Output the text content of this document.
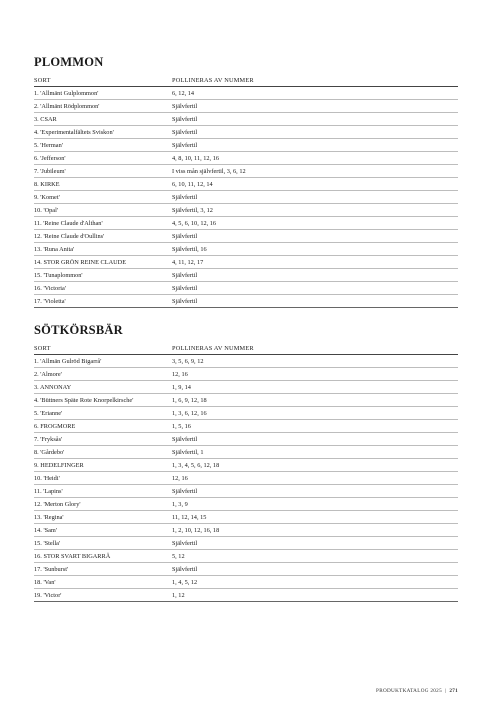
PLOMMON
SORT	POLLINERAS AV NUMMER
1. 'Allmänt Gulplommon'	6, 12, 14
2. 'Allmänt Rödplommon'	Självfertil
3. CSAR	Självfertil
4. 'Experimentalfältets Sviskon'	Självfertil
5. 'Herman'	Självfertil
6. 'Jefferson'	4, 8, 10, 11, 12, 16
7. 'Jubileum'	I viss mån självfertil, 3, 6, 12
8. KIRKE	6, 10, 11, 12, 14
9. 'Komet'	Självfertil
10. 'Opal'	Självfertil, 3, 12
11. 'Reine Claude d'Althan'	4, 5, 6, 10, 12, 16
12. 'Reine Claude d'Oullins'	Självfertil
13. 'Runa Anita'	Självfertil, 16
14. STOR GRÖN REINE CLAUDE	4, 11, 12, 17
15. 'Tunaplommon'	Självfertil
16. 'Victoria'	Självfertil
17. 'Violetta'	Självfertil
SÖTKÖRSBÄR
SORT	POLLINERAS AV NUMMER
1. 'Allmän Gulröd Bigarrå'	3, 5, 6, 9, 12
2. 'Almore'	12, 16
3. ANNONAY	1, 9, 14
4. 'Büttners Späte Rote Knorpelkirsche'	1, 6, 9, 12, 18
5. 'Erianne'	1, 3, 6, 12, 16
6. FROGMORE	1, 5, 16
7. 'Fryksås'	Självfertil
8. 'Gårdebo'	Självfertil, 1
9. HEDELFINGER	1, 3, 4, 5, 6, 12, 18
10. 'Heidi'	12, 16
11. 'Lapins'	Självfertil
12. 'Merton Glory'	1, 3, 9
13. 'Regina'	11, 12, 14, 15
14. 'Sam'	1, 2, 10, 12, 16, 18
15. 'Stella'	Självfertil
16. STOR SVART BIGARRÅ	5, 12
17. 'Sunburst'	Självfertil
18. 'Van'	1, 4, 5, 12
19. 'Victor'	1, 12
PRODUKTKATALOG 2025 | 271
